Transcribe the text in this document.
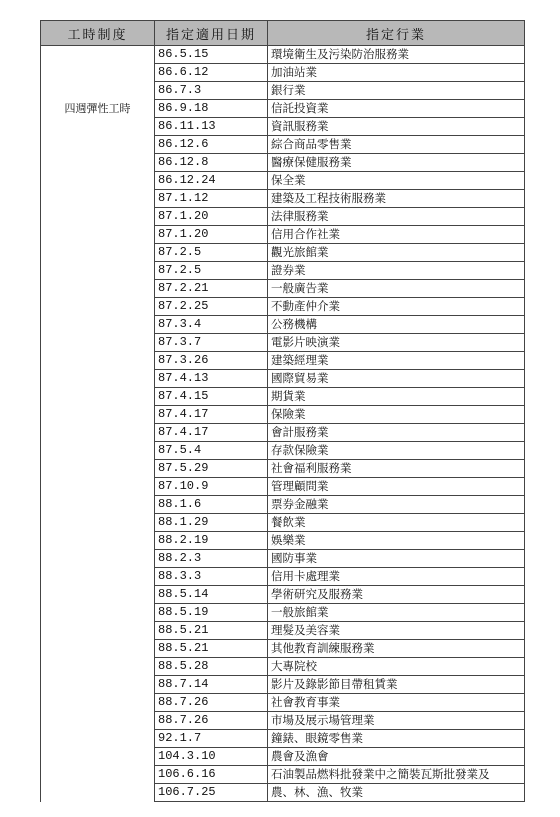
工時制度	指定適用日期	指定行業
四週彈性工時	86.5.15	環境衛生及污染防治服務業
	86.6.12	加油站業
	86.7.3	銀行業
	86.9.18	信託投資業
	86.11.13	資訊服務業
	86.12.6	綜合商品零售業
	86.12.8	醫療保健服務業
	86.12.24	保全業
	87.1.12	建築及工程技術服務業
	87.1.20	法律服務業
	87.1.20	信用合作社業
	87.2.5	觀光旅館業
	87.2.5	證券業
	87.2.21	一般廣告業
	87.2.25	不動產仲介業
	87.3.4	公務機構
	87.3.7	電影片映演業
	87.3.26	建築經理業
	87.4.13	國際貿易業
	87.4.15	期貨業
	87.4.17	保險業
	87.4.17	會計服務業
	87.5.4	存款保險業
	87.5.29	社會福利服務業
	87.10.9	管理顧問業
	88.1.6	票券金融業
	88.1.29	餐飲業
	88.2.19	娛樂業
	88.2.3	國防事業
	88.3.3	信用卡處理業
	88.5.14	學術研究及服務業
	88.5.19	一般旅館業
	88.5.21	理髮及美容業
	88.5.21	其他教育訓練服務業
	88.5.28	大專院校
	88.7.14	影片及錄影節目帶租賃業
	88.7.26	社會教育事業
	88.7.26	市場及展示場管理業
	92.1.7	鐘錶、眼鏡零售業
	104.3.10	農會及漁會
	106.6.16	石油製品燃料批發業中之簡裝瓦斯批發業及
	106.7.25	農、林、漁、牧業
